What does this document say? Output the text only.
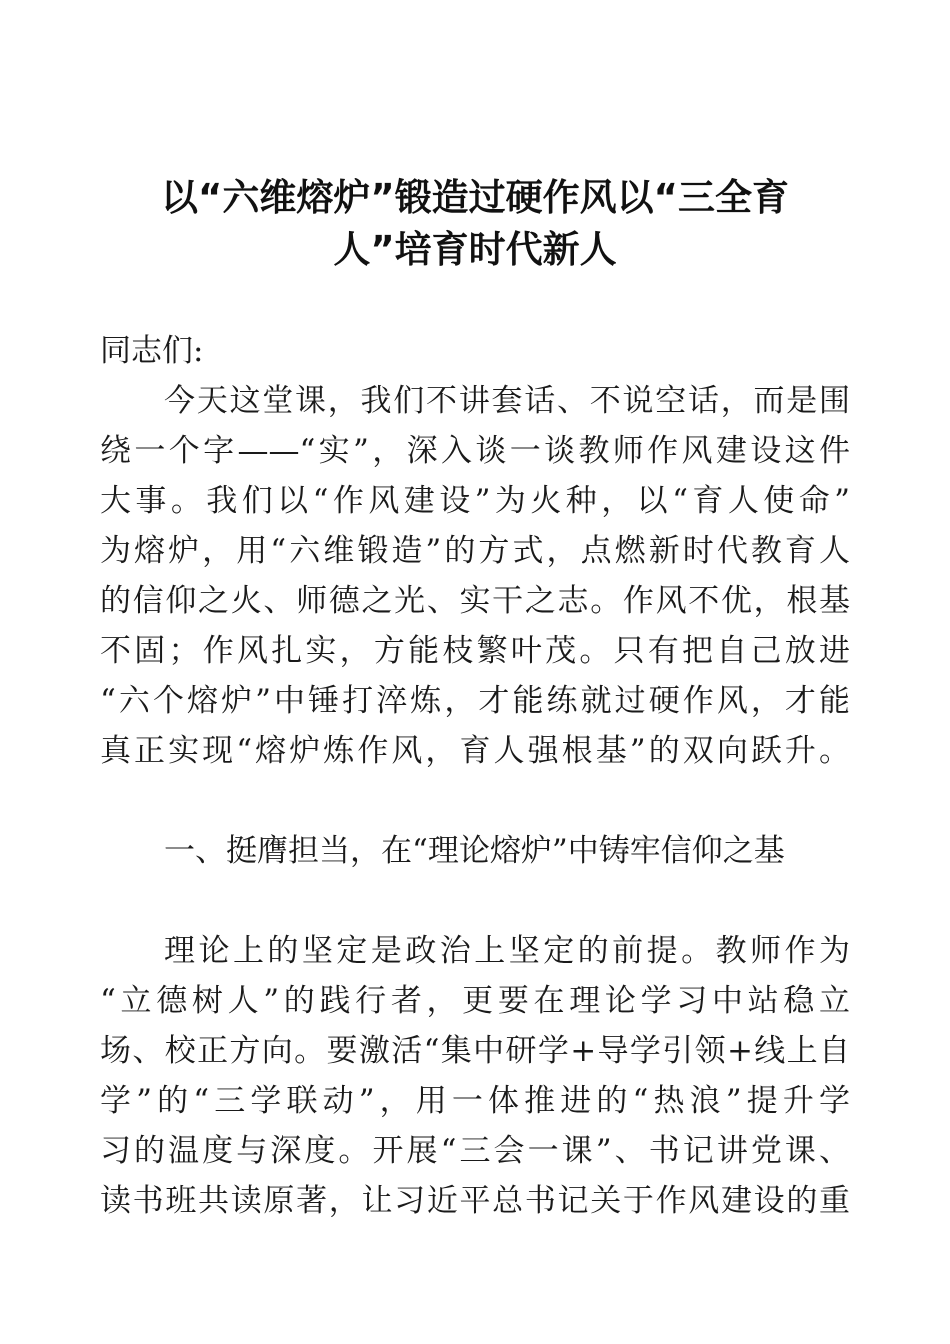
以“六维熔炉”锻造过硬作风以“三全育
人”培育时代新人
同志们:
今天这堂课，我们不讲套话、不说空话，而是围
绕一个字——“实”，深入谈一谈教师作风建设这件
大事。我们以“作风建设”为火种，以“育人使命”
为熔炉，用“六维锻造”的方式，点燃新时代教育人
的信仰之火、师德之光、实干之志。作风不优，根基
不固；作风扎实，方能枝繁叶茂。只有把自己放进
“六个熔炉”中锤打淬炼，才能练就过硬作风，才能
真正实现“熔炉炼作风，育人强根基”的双向跃升。
一、挺膺担当，在“理论熔炉”中铸牢信仰之基
理论上的坚定是政治上坚定的前提。教师作为
“立德树人”的践行者，更要在理论学习中站稳立
场、校正方向。要激活“集中研学+导学引领+线上自
学”的“三学联动”，用一体推进的“热浪”提升学
习的温度与深度。开展“三会一课”、书记讲党课、
读书班共读原著，让习近平总书记关于作风建设的重
